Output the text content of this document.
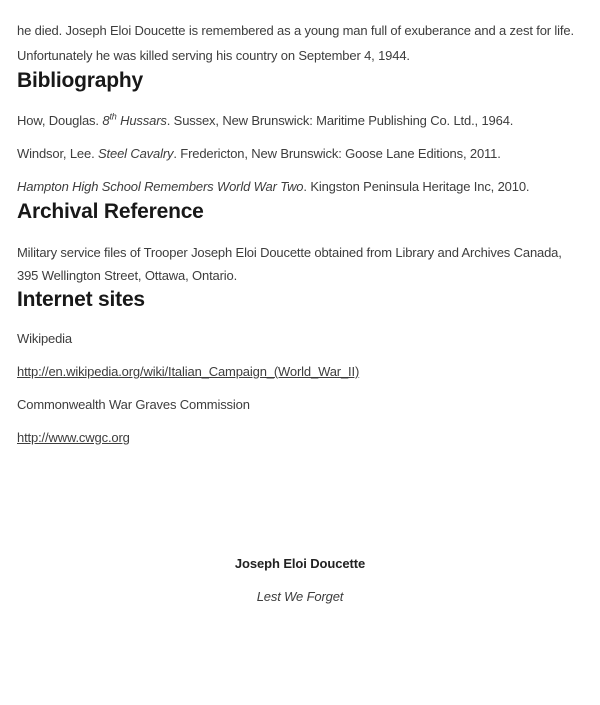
he died. Joseph Eloi Doucette is remembered as a young man full of exuberance and a zest for life. Unfortunately he was killed serving his country on September 4, 1944.

Bibliography

How, Douglas. 8th Hussars. Sussex, New Brunswick: Maritime Publishing Co. Ltd., 1964.

Windsor, Lee. Steel Cavalry. Fredericton, New Brunswick: Goose Lane Editions, 2011.

Hampton High School Remembers World War Two. Kingston Peninsula Heritage Inc, 2010.

Archival Reference

Military service files of Trooper Joseph Eloi Doucette obtained from Library and Archives Canada, 395 Wellington Street, Ottawa, Ontario.

Internet sites

Wikipedia

http://en.wikipedia.org/wiki/Italian_Campaign_(World_War_II)

Commonwealth War Graves Commission

http://www.cwgc.org

Joseph Eloi Doucette

Lest We Forget
